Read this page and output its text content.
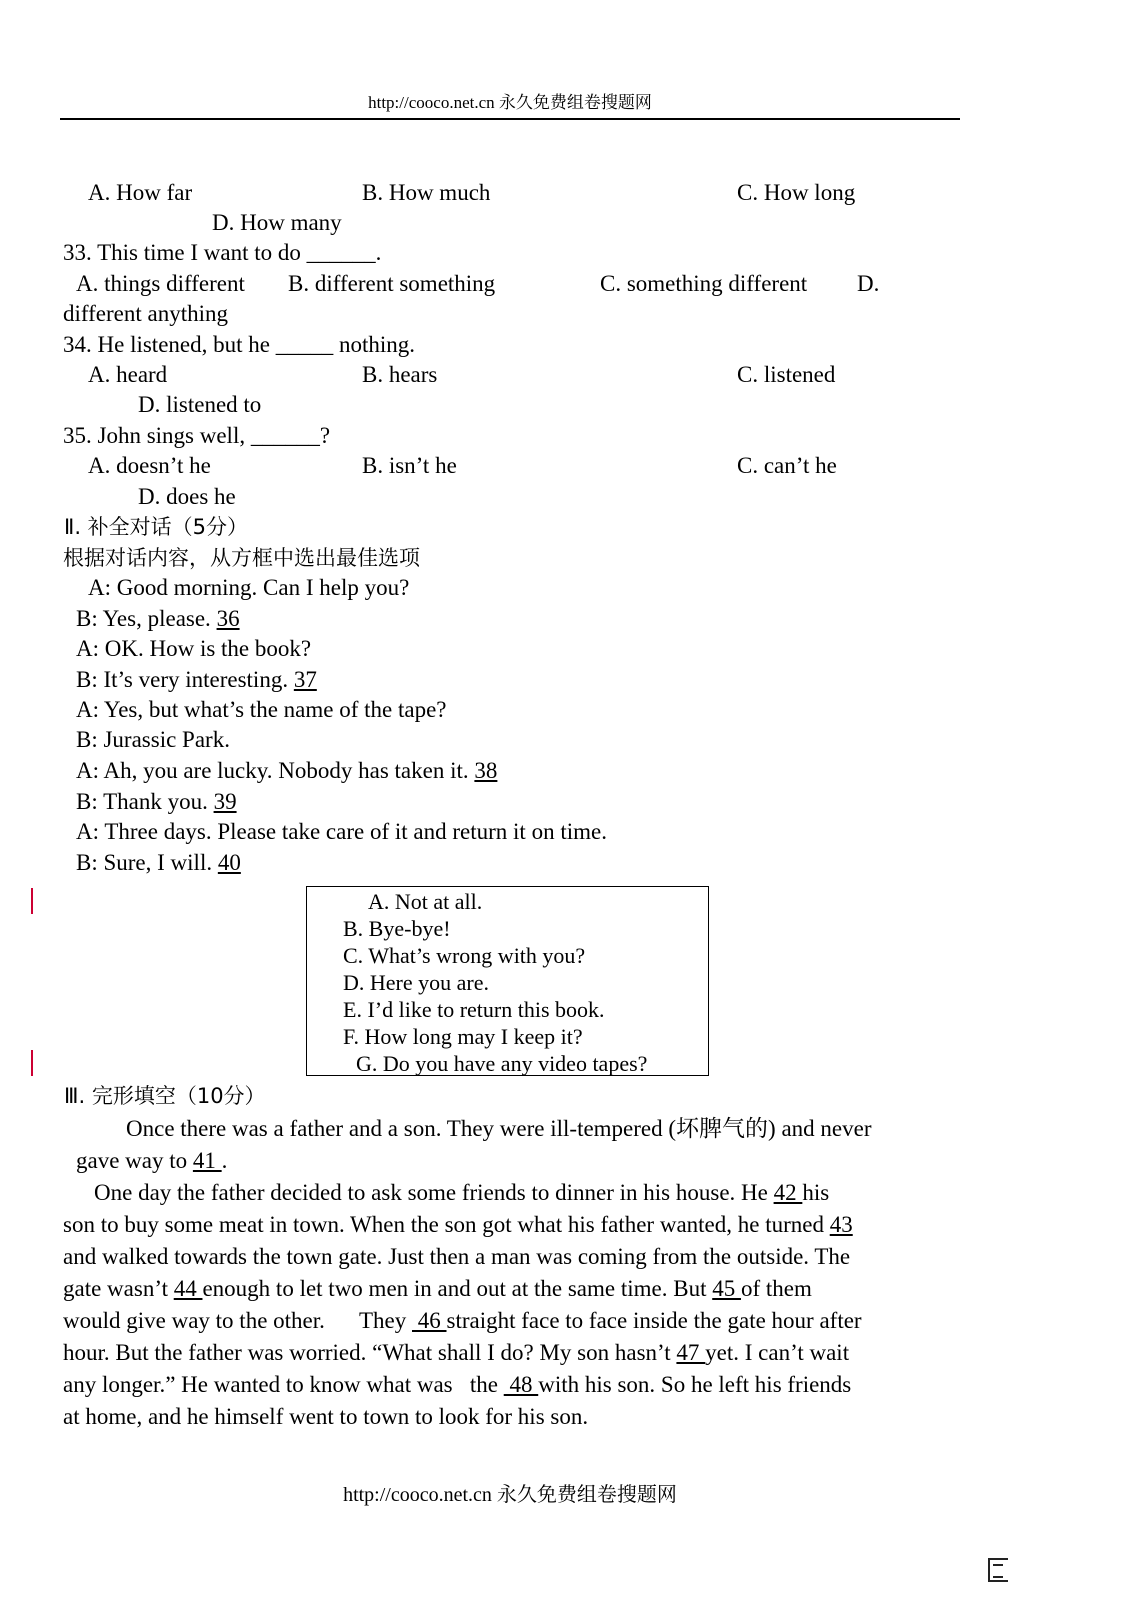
http://cooco.net.cn 永久免费组卷搜题网
A. How far	B. How much	C. How long
D. How many
33. This time I want to do ______.
A. things different B. different something	C. something different D.
different anything
34. He listened, but he _____ nothing.
A. heard	B. hears	C. listened
D. listened to
35. John sings well, ______?
A. doesn’t he	B. isn’t he	C. can’t he
D. does he
Ⅱ. 补全对话（5分）
根据对话内容，从方框中选出最佳选项
A: Good morning. Can I help you?
B: Yes, please. 36
A: OK. How is the book?
B: It’s very interesting. 37
A: Yes, but what’s the name of the tape?
B: Jurassic Park.
A: Ah, you are lucky. Nobody has taken it. 38
B: Thank you. 39
A: Three days. Please take care of it and return it on time.
B: Sure, I will. 40
A. Not at all.
B. Bye-bye!
C. What’s wrong with you?
D. Here you are.
E. I’d like to return this book.
F. How long may I keep it?
G. Do you have any video tapes?
Ⅲ. 完形填空（10分）
Once there was a father and a son. They were ill-tempered (坏脾气的) and never
gave way to 41 .
One day the father decided to ask some friends to dinner in his house. He 42 his
son to buy some meat in town. When the son got what his father wanted, he turned 43
and walked towards the town gate. Just then a man was coming from the outside. The
gate wasn’t 44 enough to let two men in and out at the same time. But 45 of them
would give way to the other.      They  46 straight face to face inside the gate hour after
hour. But the father was worried. “What shall I do? My son hasn’t 47 yet. I can’t wait
any longer.” He wanted to know what was   the  48 with his son. So he left his friends
at home, and he himself went to town to look for his son.
http://cooco.net.cn 永久免费组卷搜题网
